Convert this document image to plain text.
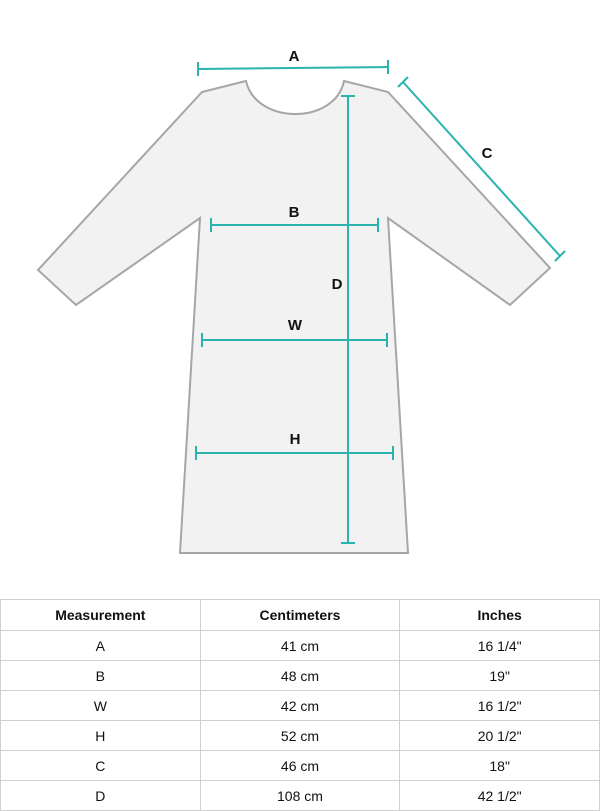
A
C
D
B
W
H
Measurement	Centimeters	Inches
A	41 cm	16 1/4"
B	48 cm	19"
W	42 cm	16 1/2"
H	52 cm	20 1/2"
C	46 cm	18"
D	108 cm	42 1/2"
